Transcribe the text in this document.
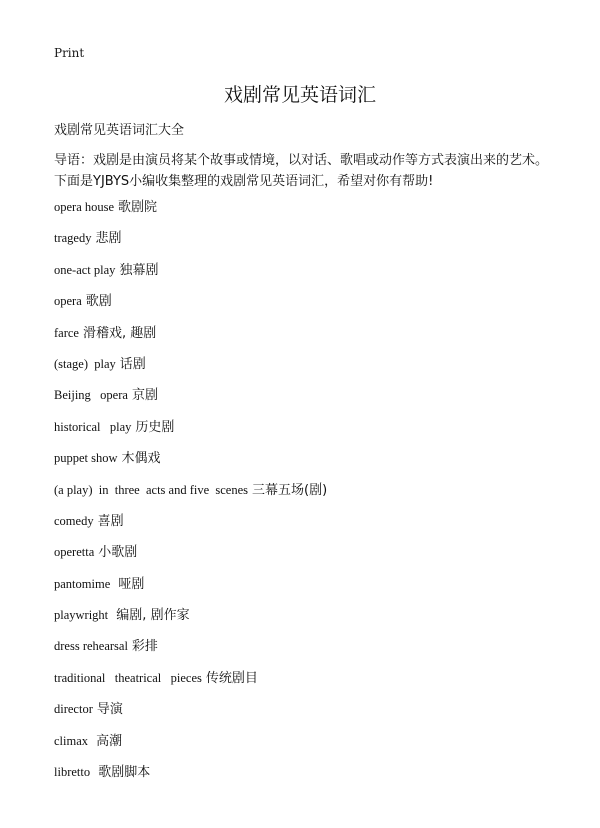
Print
戏剧常见英语词汇
戏剧常见英语词汇大全
导语：戏剧是由演员将某个故事或情境，以对话、歌唱或动作等方式表演出来的艺术。下面是YJBYS小编收集整理的戏剧常见英语词汇，希望对你有帮助!
opera house 歌剧院
tragedy 悲剧
one-act play 独幕剧
opera 歌剧
farce 滑稽戏, 趣剧
(stage)  play 话剧
Beijing   opera 京剧
historical   play 历史剧
puppet show 木偶戏
(a play)  in  three  acts and five  scenes 三幕五场(剧)
comedy 喜剧
operetta 小歌剧
pantomime 哑剧
playwright 编剧, 剧作家
dress rehearsal 彩排
traditional   theatrical   pieces 传统剧目
director 导演
climax 高潮
libretto 歌剧脚本
